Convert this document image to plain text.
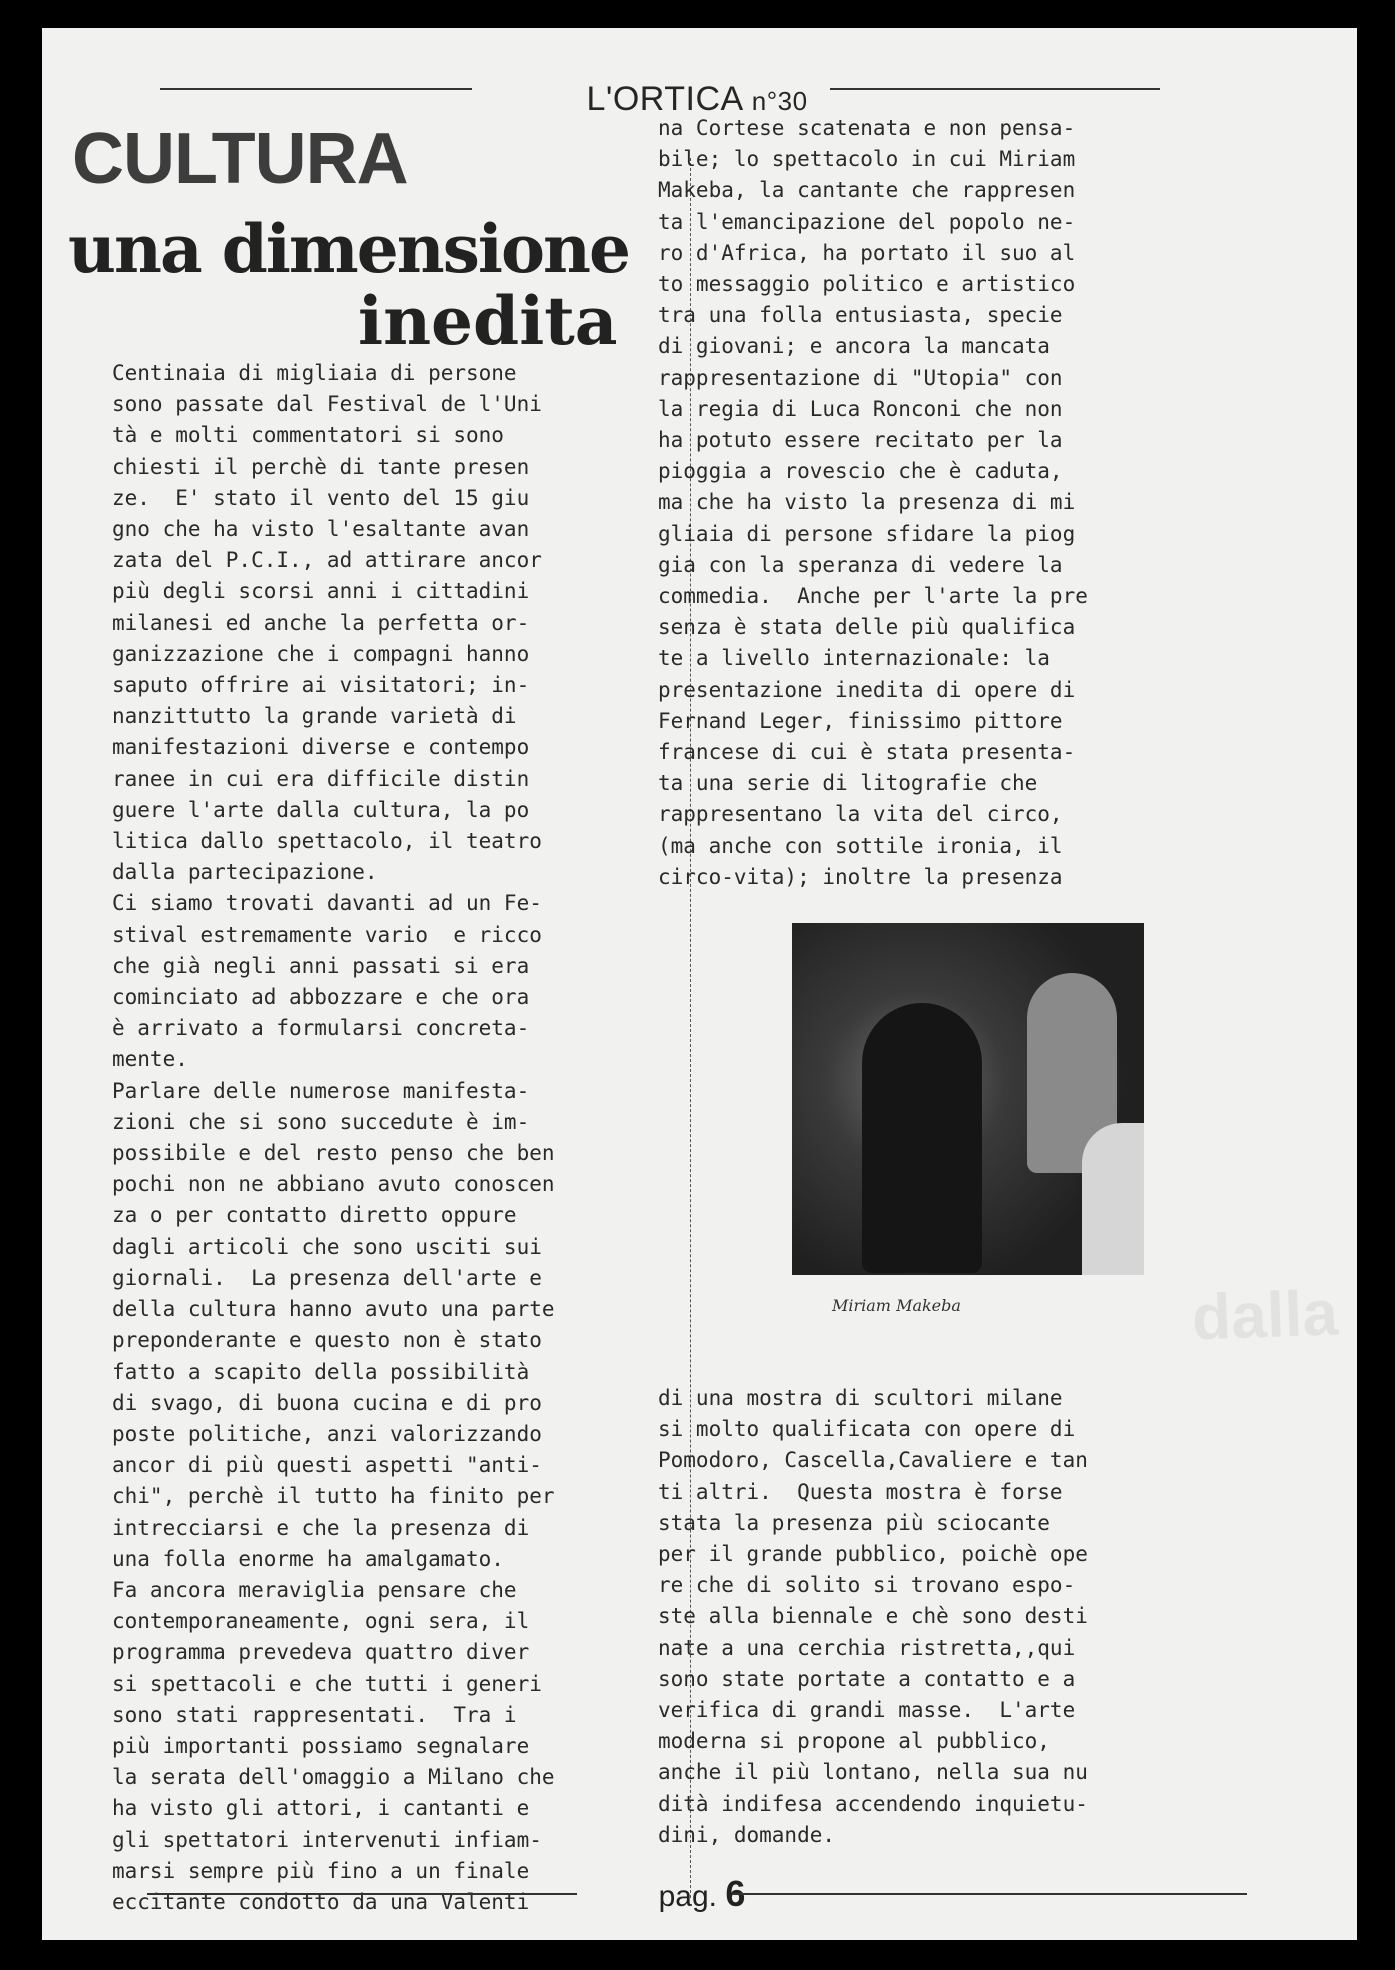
L'ORTICA n°30
CULTURA
una dimensione
inedita
Centinaia di migliaia di persone
sono passate dal Festival de l'Uni
tà e molti commentatori si sono
chiesti il perchè di tante presen
ze.  E' stato il vento del 15 giu
gno che ha visto l'esaltante avan
zata del P.C.I., ad attirare ancor
più degli scorsi anni i cittadini
milanesi ed anche la perfetta or-
ganizzazione che i compagni hanno
saputo offrire ai visitatori; in-
nanzittutto la grande varietà di
manifestazioni diverse e contempo
ranee in cui era difficile distin
guere l'arte dalla cultura, la po
litica dallo spettacolo, il teatro
dalla partecipazione.
Ci siamo trovati davanti ad un Fe-
stival estremamente vario  e ricco
che già negli anni passati si era
cominciato ad abbozzare e che ora
è arrivato a formularsi concreta-
mente.
Parlare delle numerose manifesta-
zioni che si sono succedute è im-
possibile e del resto penso che ben
pochi non ne abbiano avuto conoscen
za o per contatto diretto oppure
dagli articoli che sono usciti sui
giornali.  La presenza dell'arte e
della cultura hanno avuto una parte
preponderante e questo non è stato
fatto a scapito della possibilità
di svago, di buona cucina e di pro
poste politiche, anzi valorizzando
ancor di più questi aspetti "anti-
chi", perchè il tutto ha finito per
intrecciarsi e che la presenza di
una folla enorme ha amalgamato.
Fa ancora meraviglia pensare che
contemporaneamente, ogni sera, il
programma prevedeva quattro diver
si spettacoli e che tutti i generi
sono stati rappresentati.  Tra i
più importanti possiamo segnalare
la serata dell'omaggio a Milano che
ha visto gli attori, i cantanti e
gli spettatori intervenuti infiam-
marsi sempre più fino a un finale
eccitante condotto da una Valenti

na Cortese scatenata e non pensa-
bile; lo spettacolo in cui Miriam
Makeba, la cantante che rappresen
ta l'emancipazione del popolo ne-
ro d'Africa, ha portato il suo al
to messaggio politico e artistico
tra una folla entusiasta, specie
di giovani; e ancora la mancata
rappresentazione di "Utopia" con
la regia di Luca Ronconi che non
ha potuto essere recitato per la
pioggia a rovescio che è caduta,
ma che ha visto la presenza di mi
gliaia di persone sfidare la piog
gia con la speranza di vedere la
commedia.  Anche per l'arte la pre
senza è stata delle più qualifica
te a livello internazionale: la
presentazione inedita di opere di
Fernand Leger, finissimo pittore
francese di cui è stata presenta-
ta una serie di litografie che
rappresentano la vita del circo,
(ma anche con sottile ironia, il
circo-vita); inoltre la presenza

Miriam Makeba
di una mostra di scultori milane
si molto qualificata con opere di
Pomodoro, Cascella,Cavaliere e tan
ti altri.  Questa mostra è forse
stata la presenza più sciocante
per il grande pubblico, poichè ope
re che di solito si trovano espo-
ste alla biennale e chè sono desti
nate a una cerchia ristretta,,qui
sono state portate a contatto e a
verifica di grandi masse.  L'arte
moderna si propone al pubblico,
anche il più lontano, nella sua nu
dità indifesa accendendo inquietu-
dini, domande.

dalla
pag. 6
